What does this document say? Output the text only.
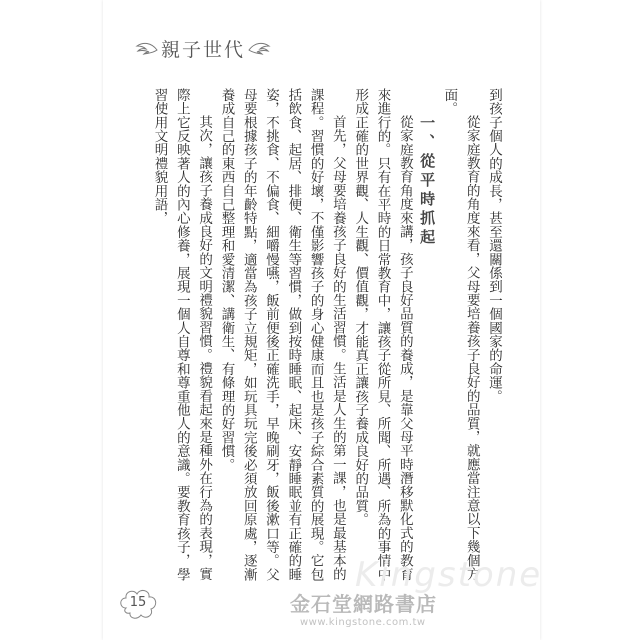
親子世代

到孩子個人的成長，甚至還關係到一個國家的命運。

從家庭教育的角度來看，父母要培養孩子良好的品質，就應當注意以下幾個方面。

一、從平時抓起

從家庭教育角度來講，孩子良好品質的養成，是靠父母平時潛移默化式的教育來進行的。只有在平時的日常教育中，讓孩子從所見、所聞、所遇、所為的事情中形成正確的世界觀、人生觀、價值觀，才能真正讓孩子養成良好的品質。

首先，父母要培養孩子良好的生活習慣。生活是人生的第一課，也是最基本的課程。習慣的好壞，不僅影響孩子的身心健康而且也是孩子綜合素質的展現。它包括飲食、起居、排便、衛生等習慣，做到按時睡眠、起床、安靜睡眠並有正確的睡姿，不挑食、不偏食、細嚼慢嚥，飯前便後正確洗手，早晚刷牙，飯後漱口等。父母要根據孩子的年齡特點，適當為孩子立規矩，如玩具玩完後必須放回原處，逐漸養成自己的東西自己整理和愛清潔、講衛生、有條理的好習慣。

其次，讓孩子養成良好的文明禮貌習慣。禮貌看起來是種外在行為的表現，實際上它反映著人的內心修養，展現一個人自尊和尊重他人的意識。要教育孩子，學習使用文明禮貌用語，

Kingstone
15	金石堂網路書店
www.kingstone.com.tw
